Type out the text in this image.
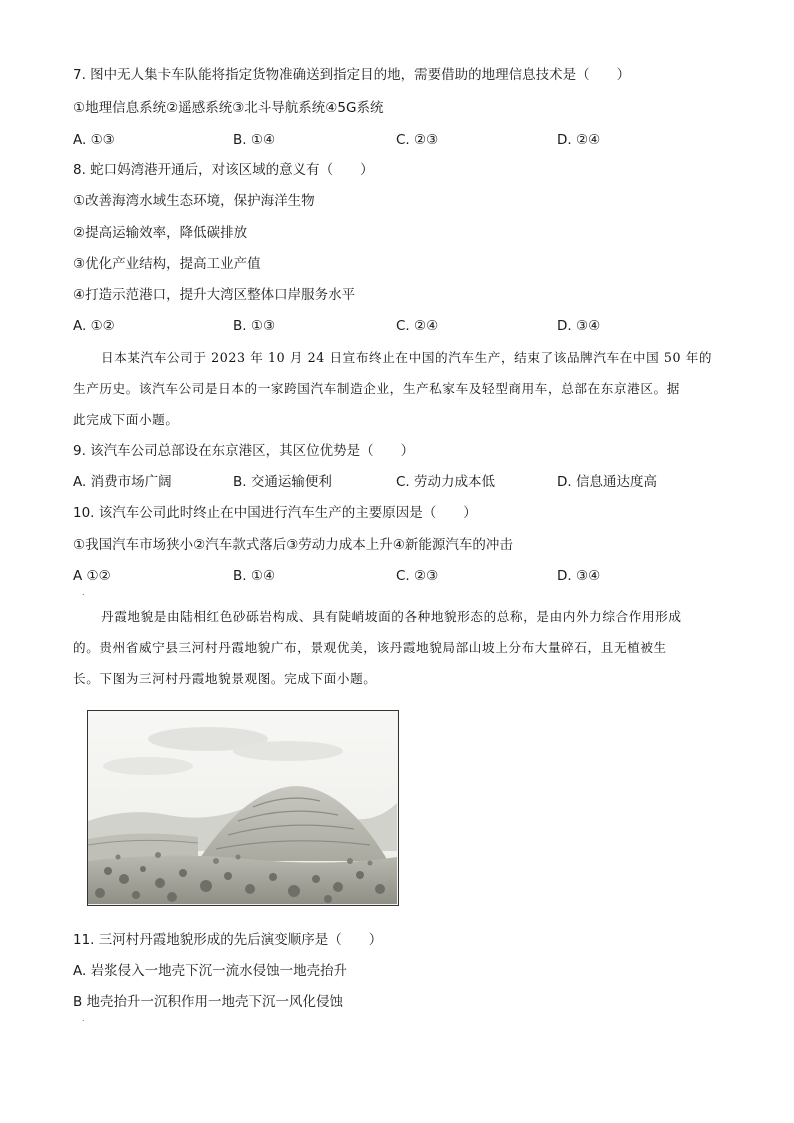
7. 图中无人集卡车队能将指定货物准确送到指定目的地，需要借助的地理信息技术是（　　）
①地理信息系统②遥感系统③北斗导航系统④5G系统
A. ①③	B. ①④	C. ②③	D. ②④
8. 蛇口妈湾港开通后，对该区域的意义有（　　）
①改善海湾水域生态环境，保护海洋生物
②提高运输效率，降低碳排放
③优化产业结构，提高工业产值
④打造示范港口，提升大湾区整体口岸服务水平
A. ①②	B. ①③	C. ②④	D. ③④
日本某汽车公司于 2023 年 10 月 24 日宣布终止在中国的汽车生产，结束了该品牌汽车在中国 50 年的
生产历史。该汽车公司是日本的一家跨国汽车制造企业，生产私家车及轻型商用车，总部在东京港区。据
此完成下面小题。
9. 该汽车公司总部设在东京港区，其区位优势是（　　）
A. 消费市场广阔	B. 交通运输便利	C. 劳动力成本低	D. 信息通达度高
10. 该汽车公司此时终止在中国进行汽车生产的主要原因是（　　）
①我国汽车市场狭小②汽车款式落后③劳动力成本上升④新能源汽车的冲击
A ①②	B. ①④	C. ②③	D. ③④
.
丹霞地貌是由陆相红色砂砾岩构成、具有陡峭坡面的各种地貌形态的总称，是由内外力综合作用形成
的。贵州省威宁县三河村丹霞地貌广布，景观优美，该丹霞地貌局部山坡上分布大量碎石，且无植被生
长。下图为三河村丹霞地貌景观图。完成下面小题。
11. 三河村丹霞地貌形成的先后演变顺序是（　　）
A. 岩浆侵入一地壳下沉一流水侵蚀一地壳抬升
B 地壳抬升一沉积作用一地壳下沉一风化侵蚀
.
